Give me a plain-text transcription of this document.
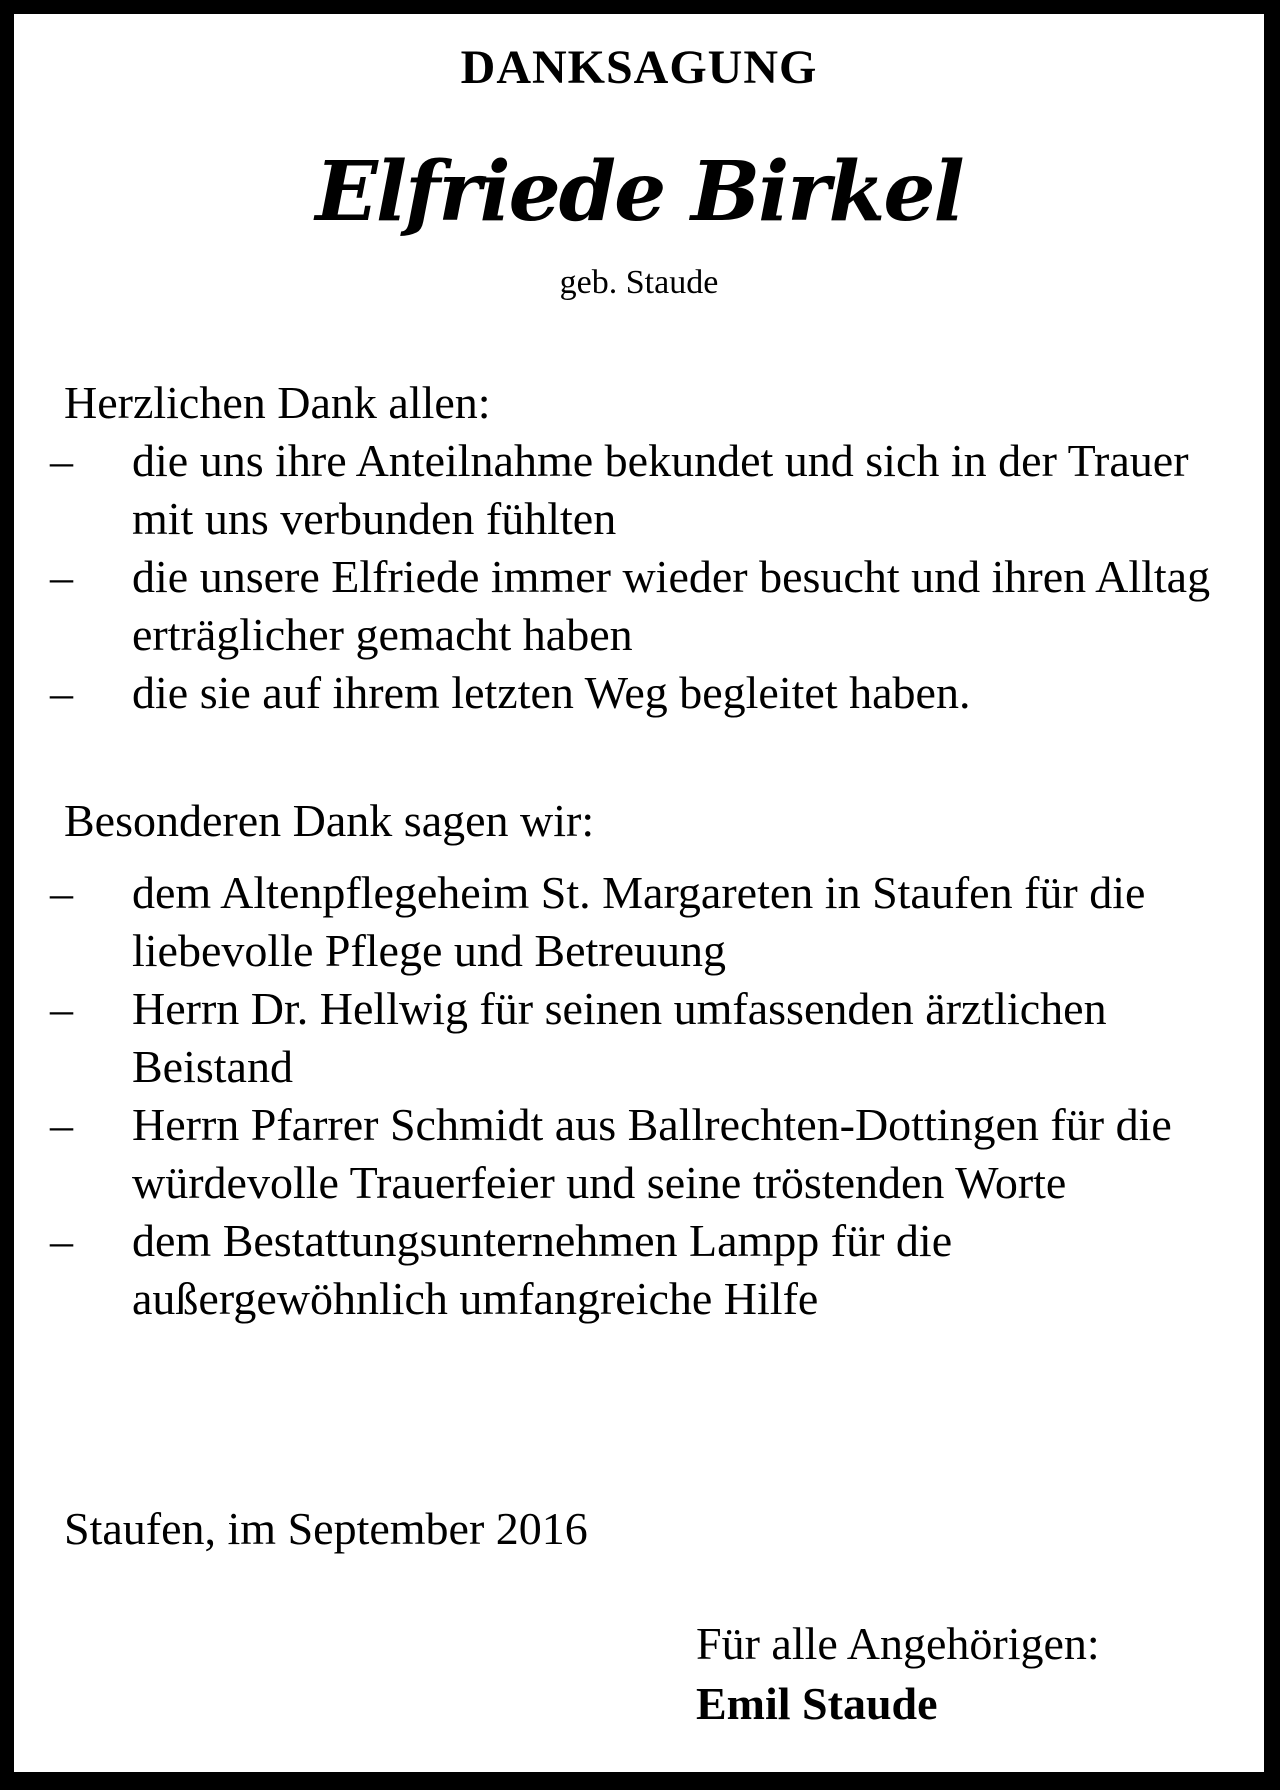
DANKSAGUNG
Elfriede Birkel
geb. Staude
Herzlichen Dank allen:
– die uns ihre Anteilnahme bekundet und sich in der Trauer mit uns verbunden fühlten
– die unsere Elfriede immer wieder besucht und ihren Alltag erträglicher gemacht haben
– die sie auf ihrem letzten Weg begleitet haben.
Besonderen Dank sagen wir:
– dem Altenpflegeheim St. Margareten in Staufen für die liebevolle Pflege und Betreuung
– Herrn Dr. Hellwig für seinen umfassenden ärztlichen Beistand
– Herrn Pfarrer Schmidt aus Ballrechten-Dottingen für die würdevolle Trauerfeier und seine tröstenden Worte
– dem Bestattungsunternehmen Lampp für die außergewöhnlich umfangreiche Hilfe
Staufen, im September 2016
Für alle Angehörigen:
Emil Staude
